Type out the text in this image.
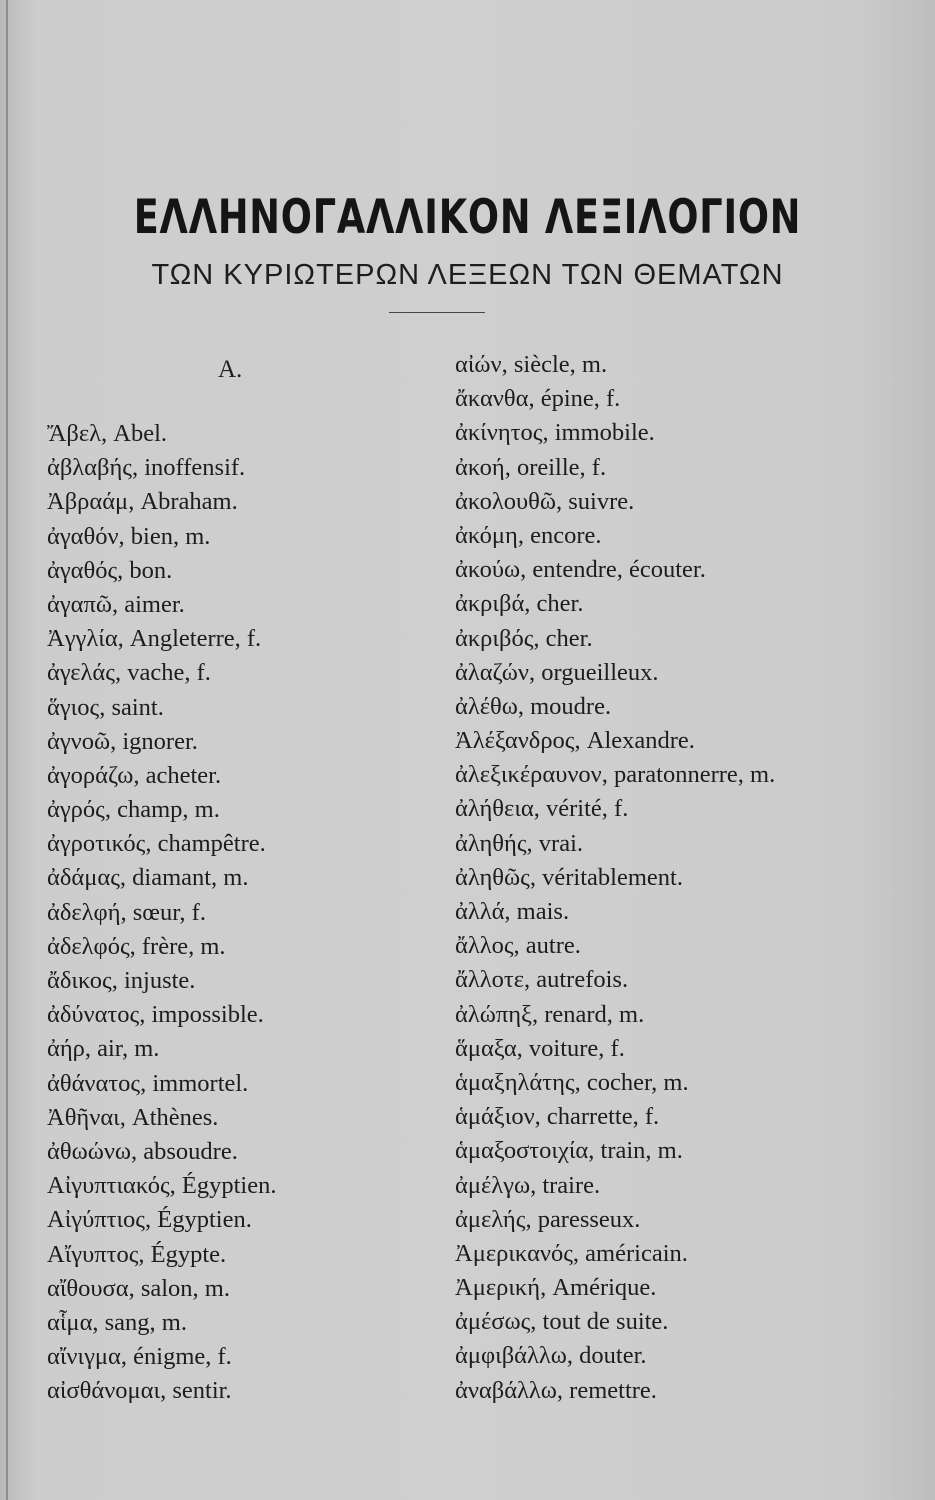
ΕΛΛΗΝΟΓΑΛΛΙΚΟΝ ΛΕΞΙΛΟΓΙΟΝ
ΤΩΝ ΚΥΡΙΩΤΕΡΩΝ ΛΕΞΕΩΝ ΤΩΝ ΘΕΜΑΤΩΝ
A.
Ἄβελ, Abel.
ἀβλαβής, inoffensif.
Ἀβραάμ, Abraham.
ἀγαθόν, bien, m.
ἀγαθός, bon.
ἀγαπῶ, aimer.
Ἀγγλία, Angleterre, f.
ἀγελάς, vache, f.
ἅγιος, saint.
ἀγνοῶ, ignorer.
ἀγοράζω, acheter.
ἀγρός, champ, m.
ἀγροτικός, champêtre.
ἀδάμας, diamant, m.
ἀδελφή, sœur, f.
ἀδελφός, frère, m.
ἄδικος, injuste.
ἀδύνατος, impossible.
ἀήρ, air, m.
ἀθάνατος, immortel.
Ἀθῆναι, Athènes.
ἀθωώνω, absoudre.
Αἰγυπτιακός, Égyptien.
Αἰγύπτιος, Égyptien.
Αἴγυπτος, Égypte.
αἴθουσα, salon, m.
αἷμα, sang, m.
αἴνιγμα, énigme, f.
αἰσθάνομαι, sentir.
αἰών, siècle, m.
ἄκανθα, épine, f.
ἀκίνητος, immobile.
ἀκοή, oreille, f.
ἀκολουθῶ, suivre.
ἀκόμη, encore.
ἀκούω, entendre, écouter.
ἀκριβά, cher.
ἀκριβός, cher.
ἀλαζών, orgueilleux.
ἀλέθω, moudre.
Ἀλέξανδρος, Alexandre.
ἀλεξικέραυνον, paratonnerre, m.
ἀλήθεια, vérité, f.
ἀληθής, vrai.
ἀληθῶς, véritablement.
ἀλλά, mais.
ἄλλος, autre.
ἄλλοτε, autrefois.
ἀλώπηξ, renard, m.
ἅμαξα, voiture, f.
ἁμαξηλάτης, cocher, m.
ἁμάξιον, charrette, f.
ἁμαξοστοιχία, train, m.
ἀμέλγω, traire.
ἀμελής, paresseux.
Ἀμερικανός, américain.
Ἀμερική, Amérique.
ἀμέσως, tout de suite.
ἀμφιβάλλω, douter.
ἀναβάλλω, remettre.
